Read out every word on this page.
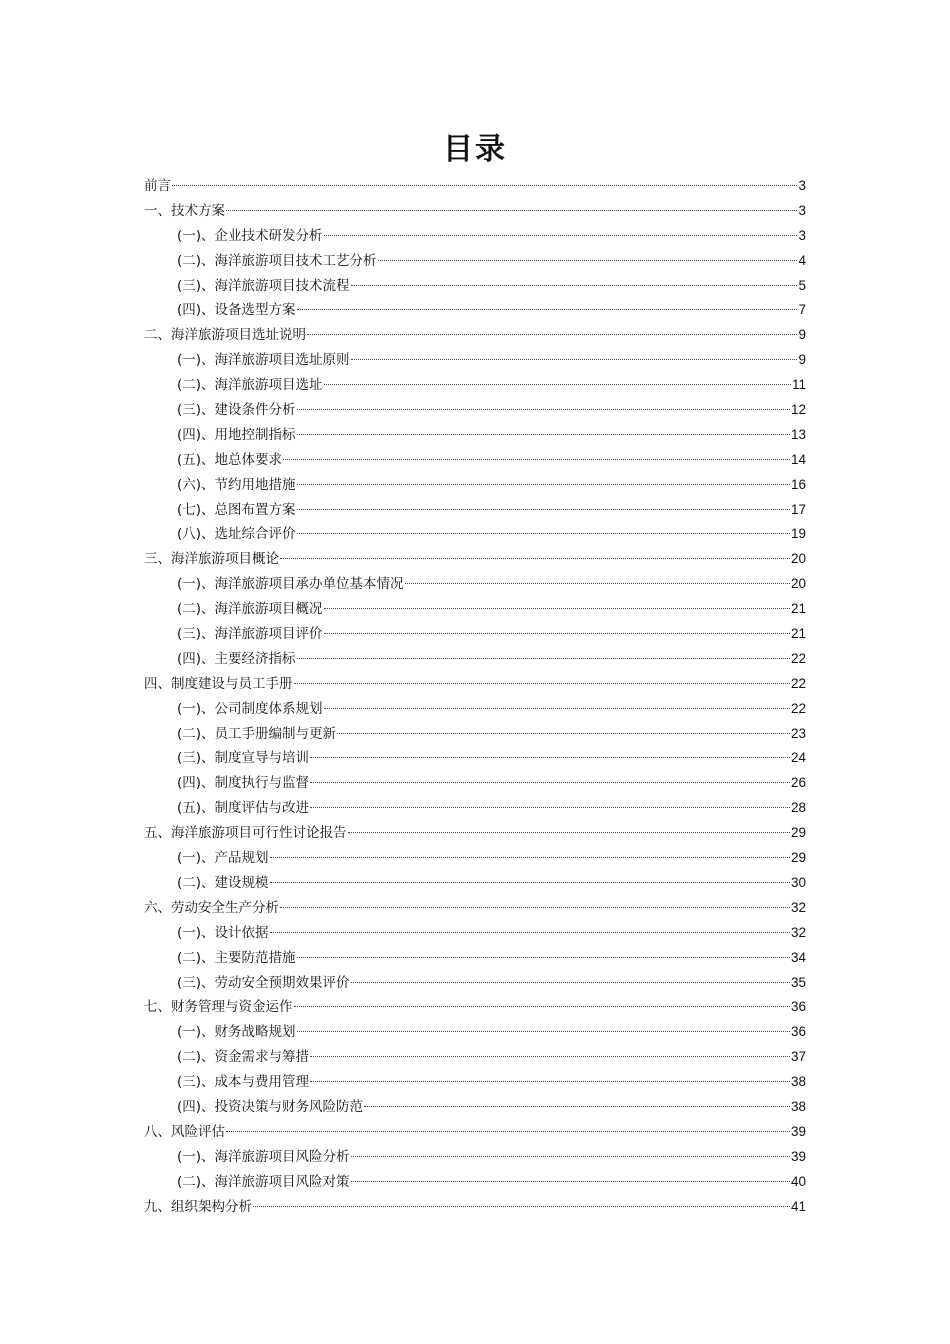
目录
前言	3
一、技术方案	3
(一)、企业技术研发分析	3
(二)、海洋旅游项目技术工艺分析	4
(三)、海洋旅游项目技术流程	5
(四)、设备选型方案	7
二、海洋旅游项目选址说明	9
(一)、海洋旅游项目选址原则	9
(二)、海洋旅游项目选址	11
(三)、建设条件分析	12
(四)、用地控制指标	13
(五)、地总体要求	14
(六)、节约用地措施	16
(七)、总图布置方案	17
(八)、选址综合评价	19
三、海洋旅游项目概论	20
(一)、海洋旅游项目承办单位基本情况	20
(二)、海洋旅游项目概况	21
(三)、海洋旅游项目评价	21
(四)、主要经济指标	22
四、制度建设与员工手册	22
(一)、公司制度体系规划	22
(二)、员工手册编制与更新	23
(三)、制度宣导与培训	24
(四)、制度执行与监督	26
(五)、制度评估与改进	28
五、海洋旅游项目可行性讨论报告	29
(一)、产品规划	29
(二)、建设规模	30
六、劳动安全生产分析	32
(一)、设计依据	32
(二)、主要防范措施	34
(三)、劳动安全预期效果评价	35
七、财务管理与资金运作	36
(一)、财务战略规划	36
(二)、资金需求与筹措	37
(三)、成本与费用管理	38
(四)、投资决策与财务风险防范	38
八、风险评估	39
(一)、海洋旅游项目风险分析	39
(二)、海洋旅游项目风险对策	40
九、组织架构分析	41
